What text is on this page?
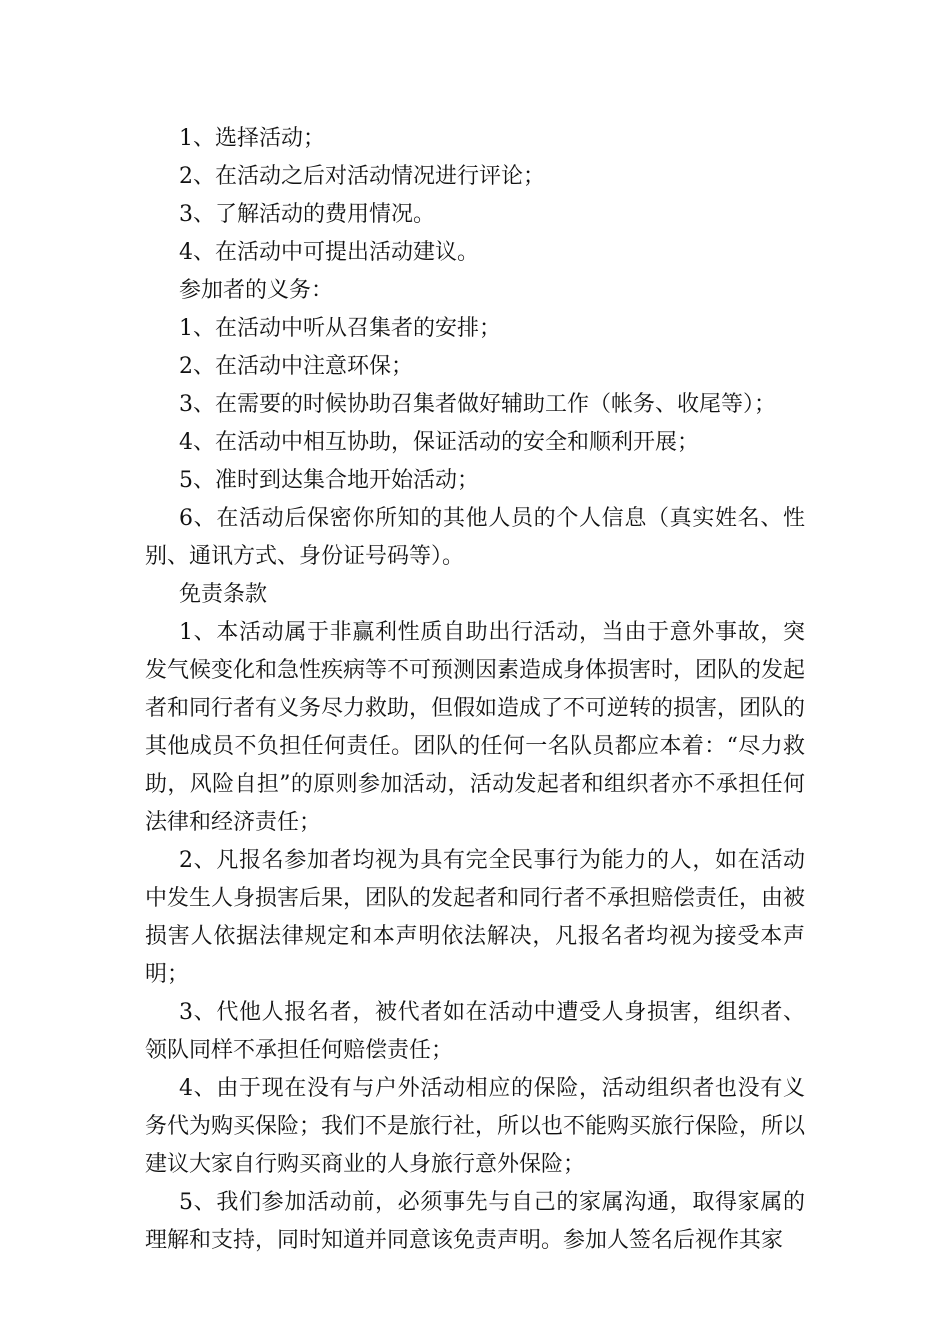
1、选择活动；

2、在活动之后对活动情况进行评论；

3、了解活动的费用情况。

4、在活动中可提出活动建议。

参加者的义务：

1、在活动中听从召集者的安排；

2、在活动中注意环保；

3、在需要的时候协助召集者做好辅助工作（帐务、收尾等）；

4、在活动中相互协助，保证活动的安全和顺利开展；

5、准时到达集合地开始活动；

6、在活动后保密你所知的其他人员的个人信息（真实姓名、性别、通讯方式、身份证号码等）。

免责条款

1、本活动属于非赢利性质自助出行活动，当由于意外事故，突发气候变化和急性疾病等不可预测因素造成身体损害时，团队的发起者和同行者有义务尽力救助，但假如造成了不可逆转的损害，团队的其他成员不负担任何责任。团队的任何一名队员都应本着：“尽力救助，风险自担”的原则参加活动，活动发起者和组织者亦不承担任何法律和经济责任；

2、凡报名参加者均视为具有完全民事行为能力的人，如在活动中发生人身损害后果，团队的发起者和同行者不承担赔偿责任，由被损害人依据法律规定和本声明依法解决，凡报名者均视为接受本声明；

3、代他人报名者，被代者如在活动中遭受人身损害，组织者、领队同样不承担任何赔偿责任；

4、由于现在没有与户外活动相应的保险，活动组织者也没有义务代为购买保险；我们不是旅行社，所以也不能购买旅行保险，所以建议大家自行购买商业的人身旅行意外保险；

5、我们参加活动前，必须事先与自己的家属沟通，取得家属的理解和支持，同时知道并同意该免责声明。参加人签名后视作其家
